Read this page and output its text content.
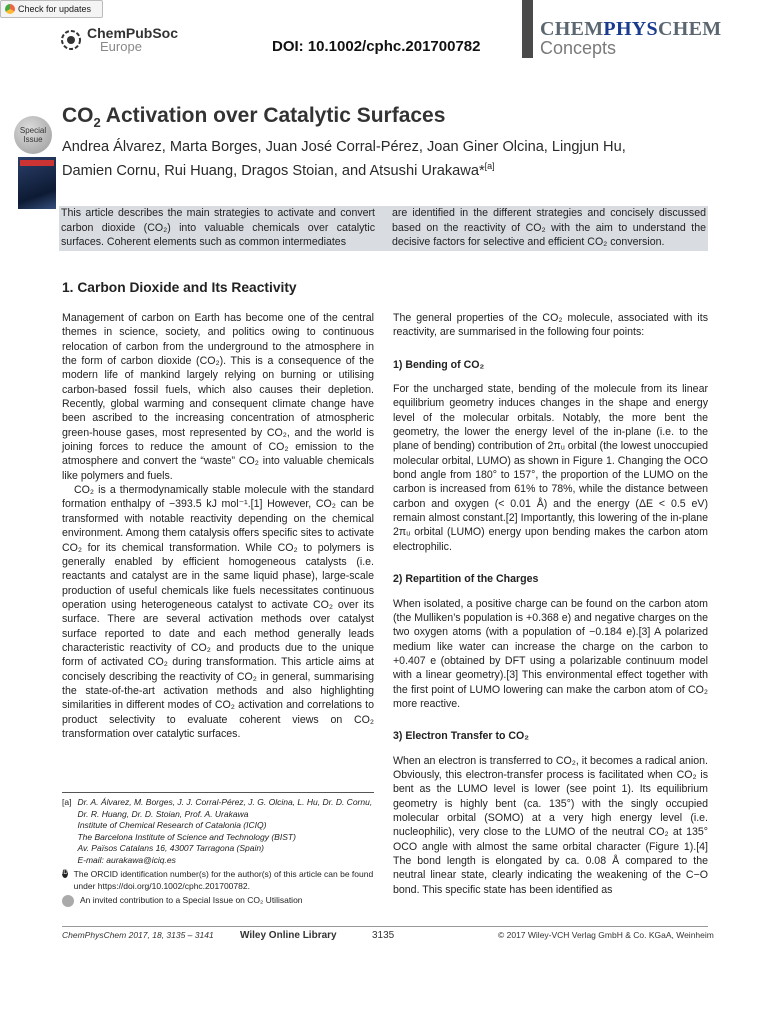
Check for updates
ChemPubSoc
Europe	DOI: 10.1002/cphc.201700782
CHEMPHYSCHEM
Concepts
Special Issue
$CO_2$ Activation over Catalytic Surfaces
Andrea Álvarez, Marta Borges, Juan José Corral-Pérez, Joan Giner Olcina, Lingjun Hu,
Damien Cornu, Rui Huang, Dragos Stoian, and Atsushi Urakawa*[a]
This article describes the main strategies to activate and convert carbon dioxide (CO₂) into valuable chemicals over catalytic surfaces. Coherent elements such as common intermediates
are identified in the different strategies and concisely discussed based on the reactivity of CO₂ with the aim to understand the decisive factors for selective and efficient CO₂ conversion.
1. Carbon Dioxide and Its Reactivity

Management of carbon on Earth has become one of the central themes in science, society, and politics owing to continuous relocation of carbon from the underground to the atmosphere in the form of carbon dioxide (CO₂). This is a consequence of the modern life of mankind largely relying on burning or utilising carbon-based fossil fuels, which also causes their depletion. Recently, global warming and consequent climate change have been ascribed to the increasing concentration of atmospheric green-house gases, most represented by CO₂, and the world is joining forces to reduce the amount of CO₂ emission to the atmosphere and convert the “waste” CO₂ into valuable chemicals like polymers and fuels.

CO₂ is a thermodynamically stable molecule with the standard formation enthalpy of −393.5 kJ mol⁻¹.[1] However, CO₂ can be transformed with notable reactivity depending on the chemical environment. Among them catalysis offers specific sites to activate CO₂ for its chemical transformation. While CO₂ to polymers is generally enabled by efficient homogeneous catalysts (i.e. reactants and catalyst are in the same liquid phase), large-scale production of useful chemicals like fuels necessitates continuous operation using heterogeneous catalyst to activate CO₂ over its surface. There are several activation methods over catalyst surface reported to date and each method generally leads characteristic reactivity of CO₂ and products due to the unique form of activated CO₂ during transformation. This article aims at concisely describing the reactivity of CO₂ in general, summarising the state-of-the-art activation methods and also highlighting similarities in different modes of CO₂ activation and correlations to product selectivity to evaluate coherent views on CO₂ transformation over catalytic surfaces.

[a] Dr. A. Álvarez, M. Borges, J. J. Corral-Pérez, J. G. Olcina, L. Hu, Dr. D. Cornu, Dr. R. Huang, Dr. D. Stoian, Prof. A. Urakawa
Institute of Chemical Research of Catalonia (ICIQ)
The Barcelona Institute of Science and Technology (BIST)
Av. Països Catalans 16, 43007 Tarragona (Spain)
E-mail: aurakawa@iciq.es
iD The ORCID identification number(s) for the author(s) of this article can be found under https://doi.org/10.1002/cphc.201700782.
An invited contribution to a Special Issue on CO₂ Utilisation

The general properties of the CO₂ molecule, associated with its reactivity, are summarised in the following four points:

1) Bending of CO₂

For the uncharged state, bending of the molecule from its linear equilibrium geometry induces changes in the shape and energy level of the molecular orbitals. Notably, the more bent the geometry, the lower the energy level of the in-plane (i.e. to the plane of bending) contribution of 2πᵤ orbital (the lowest unoccupied molecular orbital, LUMO) as shown in Figure 1. Changing the OCO bond angle from 180° to 157°, the proportion of the LUMO on the carbon is increased from 61% to 78%, while the distance between carbon and oxygen (< 0.01 Å) and the energy (ΔE < 0.5 eV) remain almost constant.[2] Importantly, this lowering of the in-plane 2πᵤ orbital (LUMO) energy upon bending makes the carbon atom electrophilic.

2) Repartition of the Charges

When isolated, a positive charge can be found on the carbon atom (the Mulliken’s population is +0.368 e) and negative charges on the two oxygen atoms (with a population of −0.184 e).[3] A polarized medium like water can increase the charge on the carbon to +0.407 e (obtained by DFT using a polarizable continuum model with a linear geometry).[3] This environmental effect together with the first point of LUMO lowering can make the carbon atom of CO₂ more reactive.

3) Electron Transfer to CO₂

When an electron is transferred to CO₂, it becomes a radical anion. Obviously, this electron-transfer process is facilitated when CO₂ is bent as the LUMO level is lower (see point 1). Its equilibrium geometry is highly bent (ca. 135°) with the singly occupied molecular orbital (SOMO) at a very high energy level (i.e. nucleophilic), very close to the LUMO of the neutral CO₂ at 135° OCO angle with almost the same orbital character (Figure 1).[4] The bond length is elongated by ca. 0.08 Å compared to the neutral linear state, clearly indicating the weakening of the C−O bond. This specific state has been identified as

ChemPhysChem 2017, 18, 3135 – 3141	Wiley Online Library	3135	© 2017 Wiley-VCH Verlag GmbH & Co. KGaA, Weinheim
